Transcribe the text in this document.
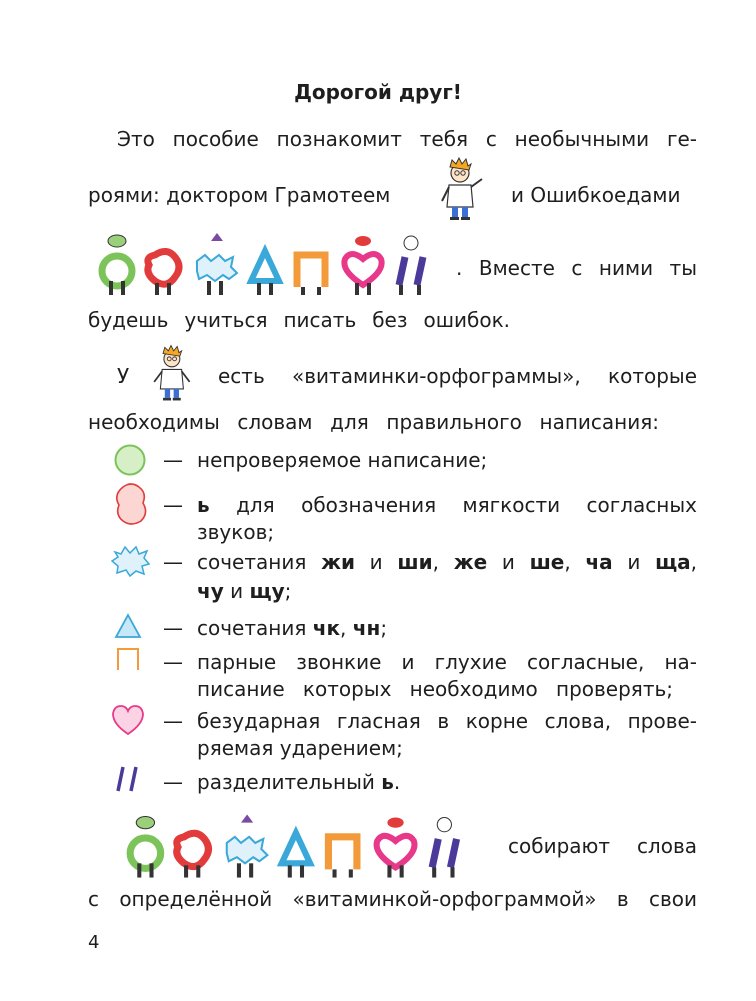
Дорогой друг!
Это пособие познакомит тебя с необычными ге-
роями: доктором Грамотеем	и Ошибкоедами
. Вместе с ними ты
будешь учиться писать без ошибок.
У	есть «витаминки-орфограммы», которые
необходимы словам для правильного написания:
— непроверяемое написание;
— ь для обозначения мягкости согласных
звуков;
— сочетания жи и ши, же и ше, ча и ща,
чу и щу;
— сочетания чк, чн;
— парные звонкие и глухие согласные, на-
писание которых необходимо проверять;
— безударная гласная в корне слова, прове-
ряемая ударением;
— разделительный ь.
собирают слова
с определённой «витаминкой-орфограммой» в свои
4
